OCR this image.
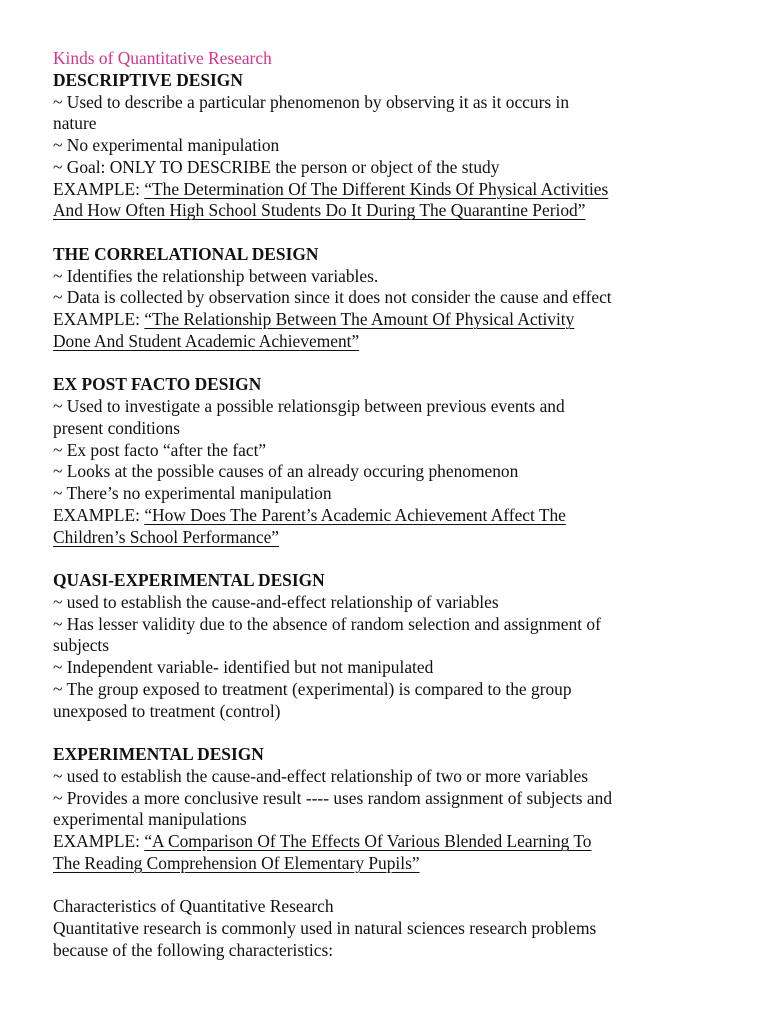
Kinds of Quantitative Research
DESCRIPTIVE DESIGN
~ Used to describe a particular phenomenon by observing it as it occurs in
nature
~ No experimental manipulation
~ Goal: ONLY TO DESCRIBE the person or object of the study
EXAMPLE: “The Determination Of The Different Kinds Of Physical Activities
And How Often High School Students Do It During The Quarantine Period”
THE CORRELATIONAL DESIGN
~ Identifies the relationship between variables.
~ Data is collected by observation since it does not consider the cause and effect
EXAMPLE: “The Relationship Between The Amount Of Physical Activity
Done And Student Academic Achievement”
EX POST FACTO DESIGN
~ Used to investigate a possible relationsgip between previous events and
present conditions
~ Ex post facto “after the fact”
~ Looks at the possible causes of an already occuring phenomenon
~ There’s no experimental manipulation
EXAMPLE: “How Does The Parent’s Academic Achievement Affect The
Children’s School Performance”
QUASI-EXPERIMENTAL DESIGN
~ used to establish the cause-and-effect relationship of variables
~ Has lesser validity due to the absence of random selection and assignment of
subjects
~ Independent variable- identified but not manipulated
~ The group exposed to treatment (experimental) is compared to the group
unexposed to treatment (control)
EXPERIMENTAL DESIGN
~ used to establish the cause-and-effect relationship of two or more variables
~ Provides a more conclusive result ---- uses random assignment of subjects and
experimental manipulations
EXAMPLE: “A Comparison Of The Effects Of Various Blended Learning To
The Reading Comprehension Of Elementary Pupils”
Characteristics of Quantitative Research
Quantitative research is commonly used in natural sciences research problems
because of the following characteristics:
